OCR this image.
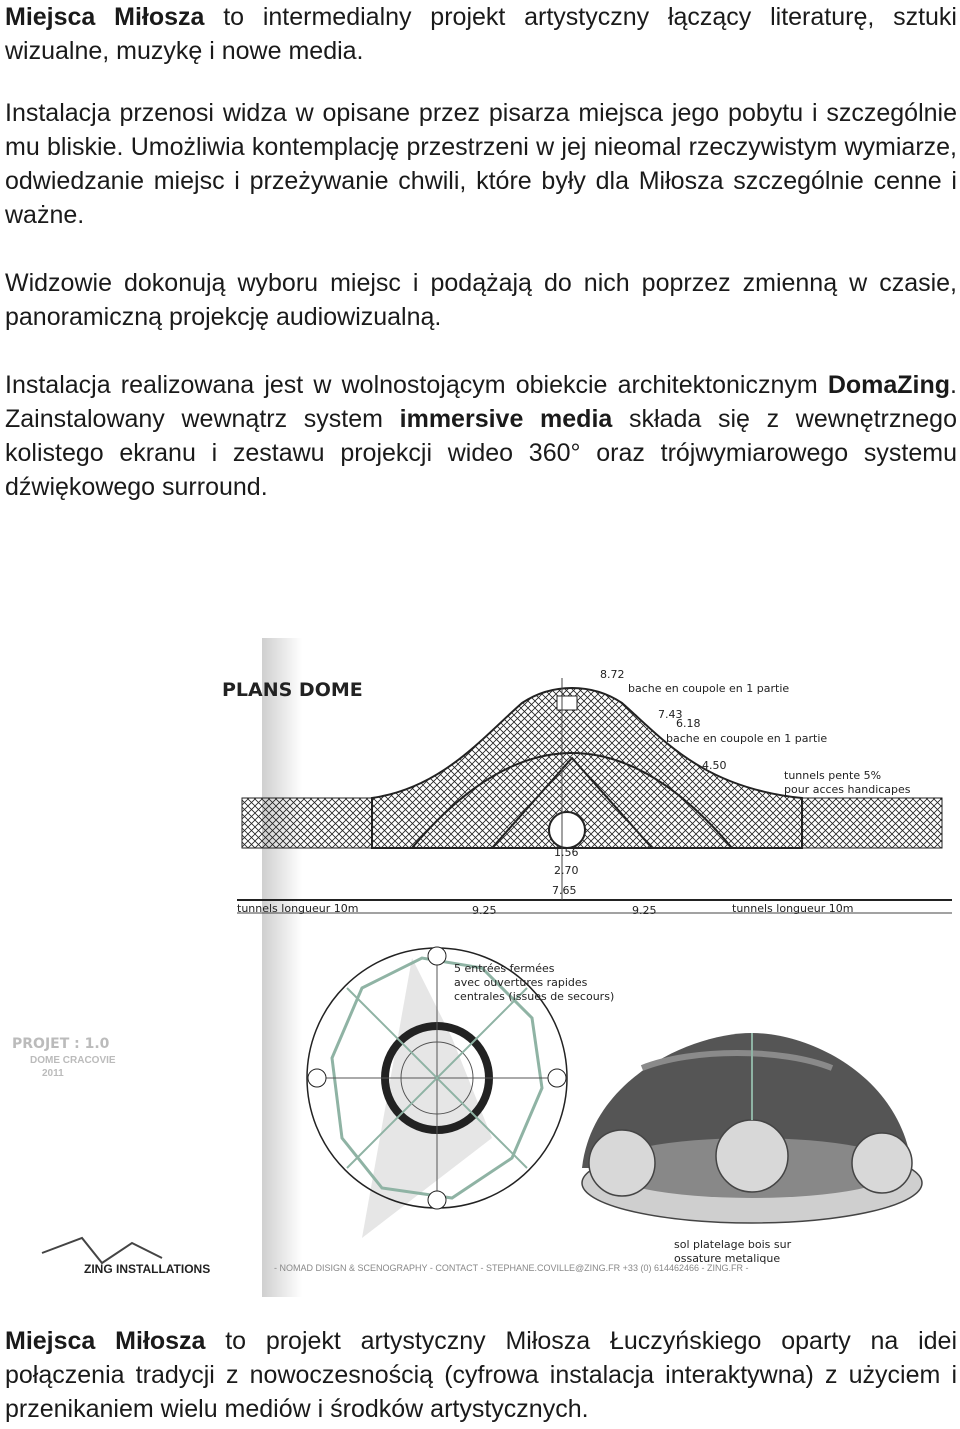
Miejsca Miłosza to intermedialny projekt artystyczny łączący literaturę, sztuki wizualne, muzykę i nowe media.

Instalacja przenosi widza w opisane przez pisarza miejsca jego pobytu i szczególnie mu bliskie. Umożliwia kontemplację przestrzeni w jej nieomal rzeczywistym wymiarze, odwiedzanie miejsc i przeżywanie chwili, które były dla Miłosza szczególnie cenne i ważne.

Widzowie dokonują wyboru miejsc i podążają do nich poprzez zmienną w czasie, panoramiczną projekcję audiowizualną.

Instalacja realizowana jest w wolnostojącym obiekcie architektonicznym DomaZing. Zainstalowany wewnątrz system immersive media składa się z wewnętrznego kolistego ekranu i zestawu projekcji wideo 360° oraz trójwymiarowego systemu dźwiękowego surround.

PLANS DOME
8.72
bache en coupole en 1 partie
7.43
6.18
bache en coupole en 1 partie
4.50
tunnels pente 5%
pour acces handicapes
1.56
2.70
7.65
tunnels longueur 10m	9.25	9.25	tunnels longueur 10m
5 entrées fermées
avec ouvertures rapides
centrales (issues de secours)
PROJET : 1.0
DOME CRACOVIE
2011
sol platelage bois sur
ossature metalique
ZING INSTALLATIONS	- NOMAD DISIGN & SCENOGRAPHY - CONTACT - STEPHANE.COVILLE@ZING.FR +33 (0) 614462466 - ZING.FR -

Miejsca Miłosza to projekt artystyczny Miłosza Łuczyńskiego oparty na idei połączenia tradycji z nowoczesnością (cyfrowa instalacja interaktywna) z użyciem i przenikaniem wielu mediów i środków artystycznych.
